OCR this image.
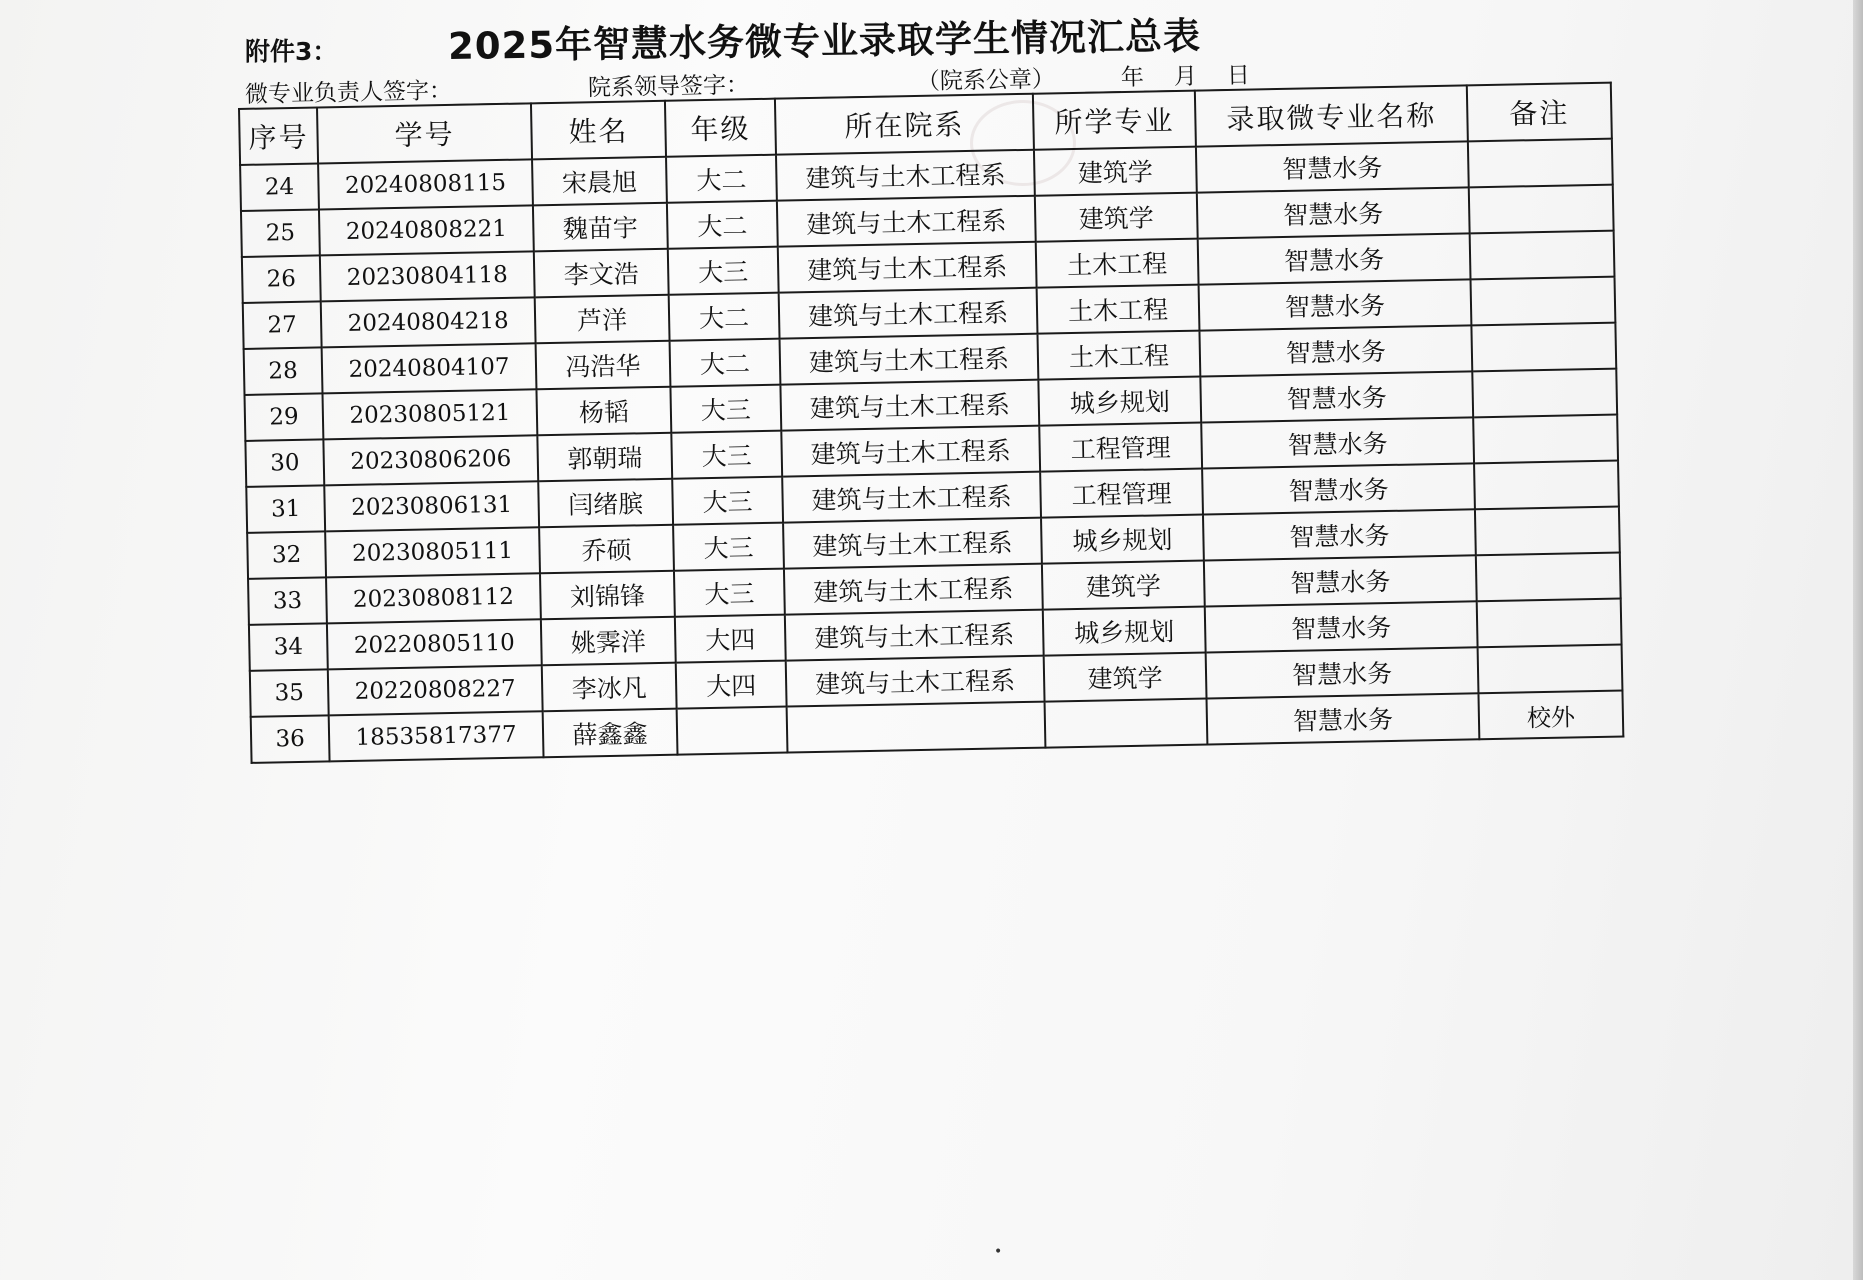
附件3：	2025年智慧水务微专业录取学生情况汇总表
微专业负责人签字：	院系领导签字：	（院系公章）	年 月 日
序号	学号	姓名	年级	所在院系	所学专业	录取微专业名称	备注
24	20240808115	宋晨旭	大二	建筑与土木工程系	建筑学	智慧水务	
25	20240808221	魏苗宇	大二	建筑与土木工程系	建筑学	智慧水务	
26	20230804118	李文浩	大三	建筑与土木工程系	土木工程	智慧水务	
27	20240804218	芦洋	大二	建筑与土木工程系	土木工程	智慧水务	
28	20240804107	冯浩华	大二	建筑与土木工程系	土木工程	智慧水务	
29	20230805121	杨韬	大三	建筑与土木工程系	城乡规划	智慧水务	
30	20230806206	郭朝瑞	大三	建筑与土木工程系	工程管理	智慧水务	
31	20230806131	闫绪膑	大三	建筑与土木工程系	工程管理	智慧水务	
32	20230805111	乔硕	大三	建筑与土木工程系	城乡规划	智慧水务	
33	20230808112	刘锦锋	大三	建筑与土木工程系	建筑学	智慧水务	
34	20220805110	姚霁洋	大四	建筑与土木工程系	城乡规划	智慧水务	
35	20220808227	李冰凡	大四	建筑与土木工程系	建筑学	智慧水务	
36	18535817377	薛鑫鑫				智慧水务	校外
•
